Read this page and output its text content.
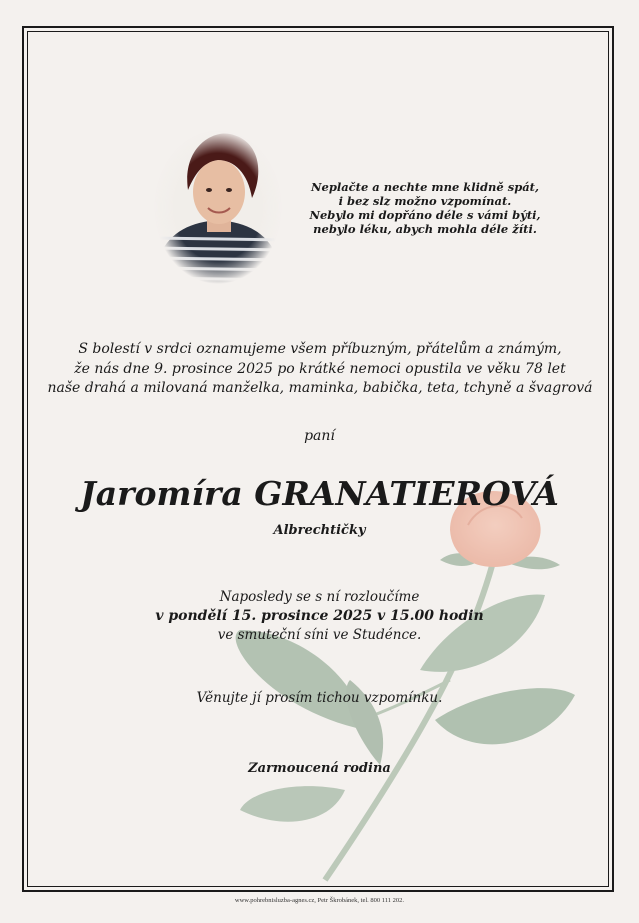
Neplačte a nechte mne klidně spát,
i bez slz možno vzpomínat.
Nebylo mi dopřáno déle s vámi býti,
nebylo léku, abych mohla déle žíti.
S bolestí v srdci oznamujeme všem příbuzným, přátelům a známým,
že nás dne 9. prosince 2025 po krátké nemoci opustila ve věku 78 let
naše drahá a milovaná manželka, maminka, babička, teta, tchyně a švagrová
paní
Jaromíra GRANATIEROVÁ
Albrechtičky
Naposledy se s ní rozloučíme
v pondělí 15. prosince 2025 v 15.00 hodin
ve smuteční síni ve Studénce.
Věnujte jí prosím tichou vzpomínku.
Zarmoucená rodina
www.pohrebnisluzba-agnes.cz, Petr Škrobánek, tel. 800 111 202.
